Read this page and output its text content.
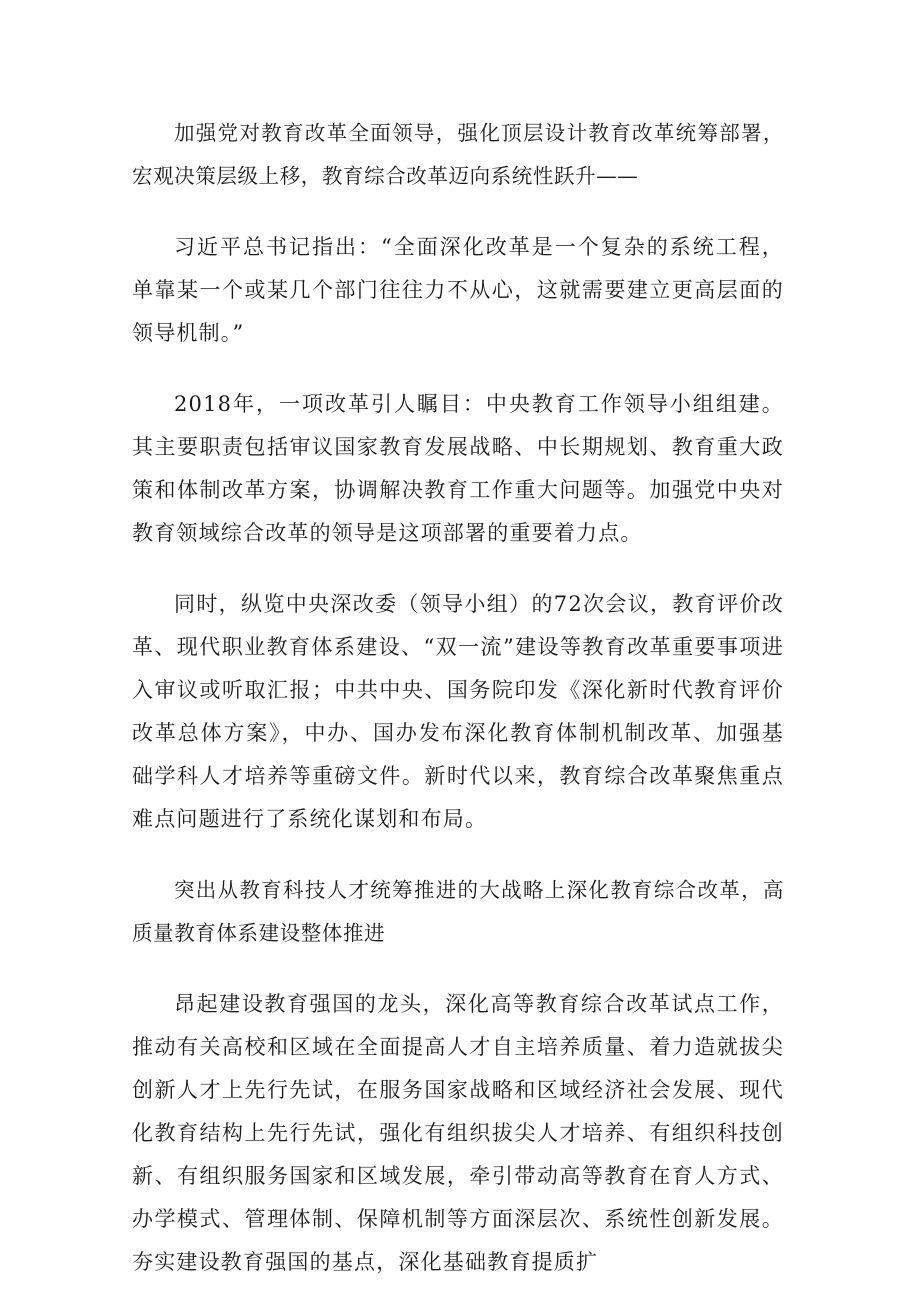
加强党对教育改革全面领导，强化顶层设计教育改革统筹部署，宏观决策层级上移，教育综合改革迈向系统性跃升——

习近平总书记指出：“全面深化改革是一个复杂的系统工程，单靠某一个或某几个部门往往力不从心，这就需要建立更高层面的领导机制。”

2018年，一项改革引人瞩目：中央教育工作领导小组组建。其主要职责包括审议国家教育发展战略、中长期规划、教育重大政策和体制改革方案，协调解决教育工作重大问题等。加强党中央对教育领域综合改革的领导是这项部署的重要着力点。

同时，纵览中央深改委（领导小组）的72次会议，教育评价改革、现代职业教育体系建设、“双一流”建设等教育改革重要事项进入审议或听取汇报；中共中央、国务院印发《深化新时代教育评价改革总体方案》，中办、国办发布深化教育体制机制改革、加强基础学科人才培养等重磅文件。新时代以来，教育综合改革聚焦重点难点问题进行了系统化谋划和布局。

突出从教育科技人才统筹推进的大战略上深化教育综合改革，高质量教育体系建设整体推进

昂起建设教育强国的龙头，深化高等教育综合改革试点工作，推动有关高校和区域在全面提高人才自主培养质量、着力造就拔尖创新人才上先行先试，在服务国家战略和区域经济社会发展、现代化教育结构上先行先试，强化有组织拔尖人才培养、有组织科技创新、有组织服务国家和区域发展，牵引带动高等教育在育人方式、办学模式、管理体制、保障机制等方面深层次、系统性创新发展。夯实建设教育强国的基点，深化基础教育提质扩
